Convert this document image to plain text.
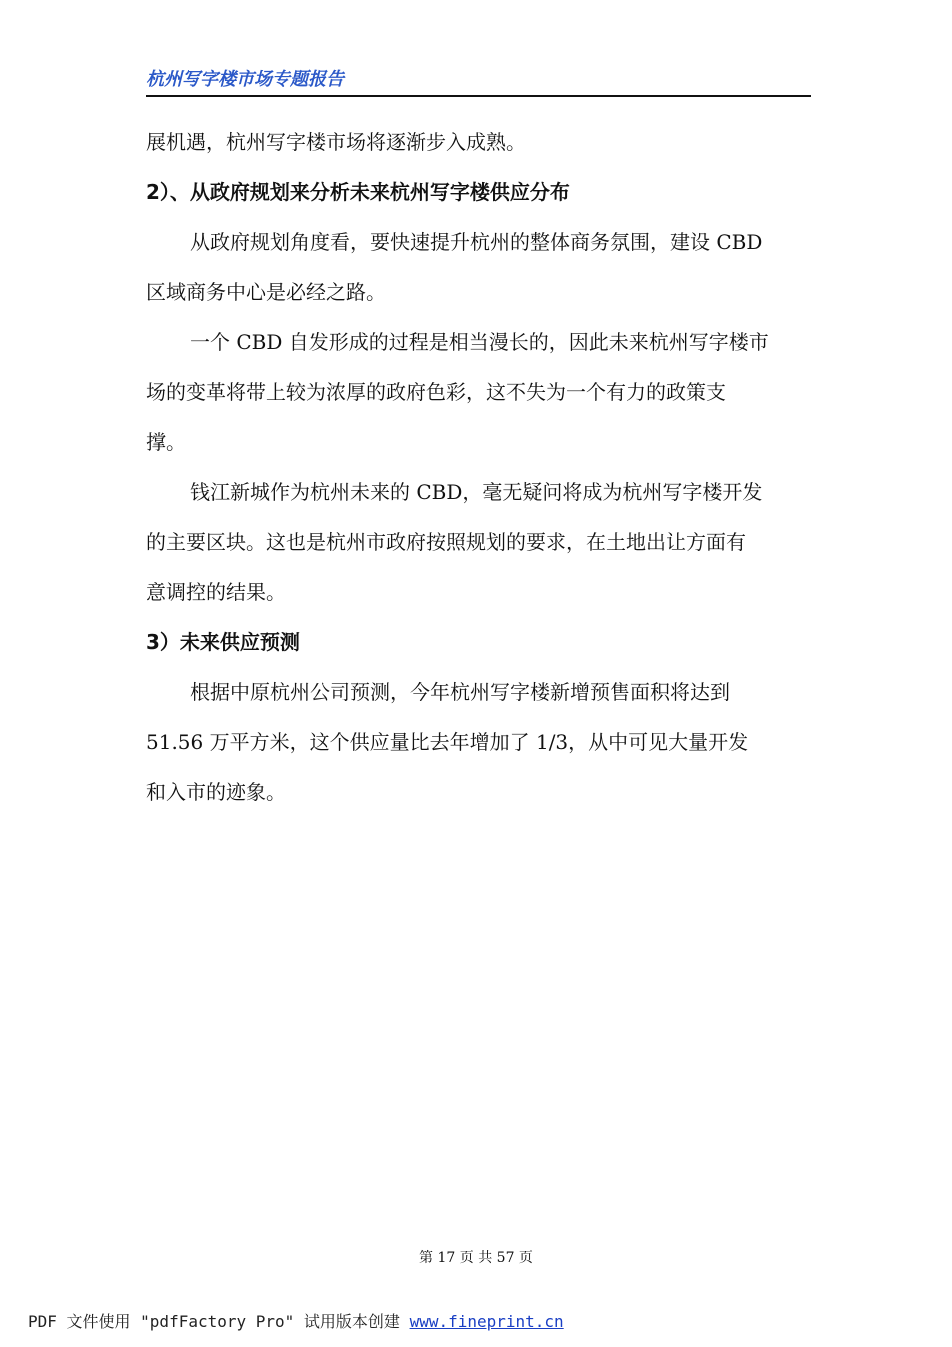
杭州写字楼市场专题报告
展机遇，杭州写字楼市场将逐渐步入成熟。
2）、从政府规划来分析未来杭州写字楼供应分布
从政府规划角度看，要快速提升杭州的整体商务氛围，建设 CBD
区域商务中心是必经之路。
一个 CBD 自发形成的过程是相当漫长的，因此未来杭州写字楼市
场的变革将带上较为浓厚的政府色彩，这不失为一个有力的政策支
撑。
钱江新城作为杭州未来的 CBD，毫无疑问将成为杭州写字楼开发
的主要区块。这也是杭州市政府按照规划的要求，在土地出让方面有
意调控的结果。
3）未来供应预测
根据中原杭州公司预测，今年杭州写字楼新增预售面积将达到
51.56 万平方米，这个供应量比去年增加了 1/3，从中可见大量开发
和入市的迹象。
第 17 页 共 57 页
PDF 文件使用 "pdfFactory Pro" 试用版本创建 www.fineprint.cn
